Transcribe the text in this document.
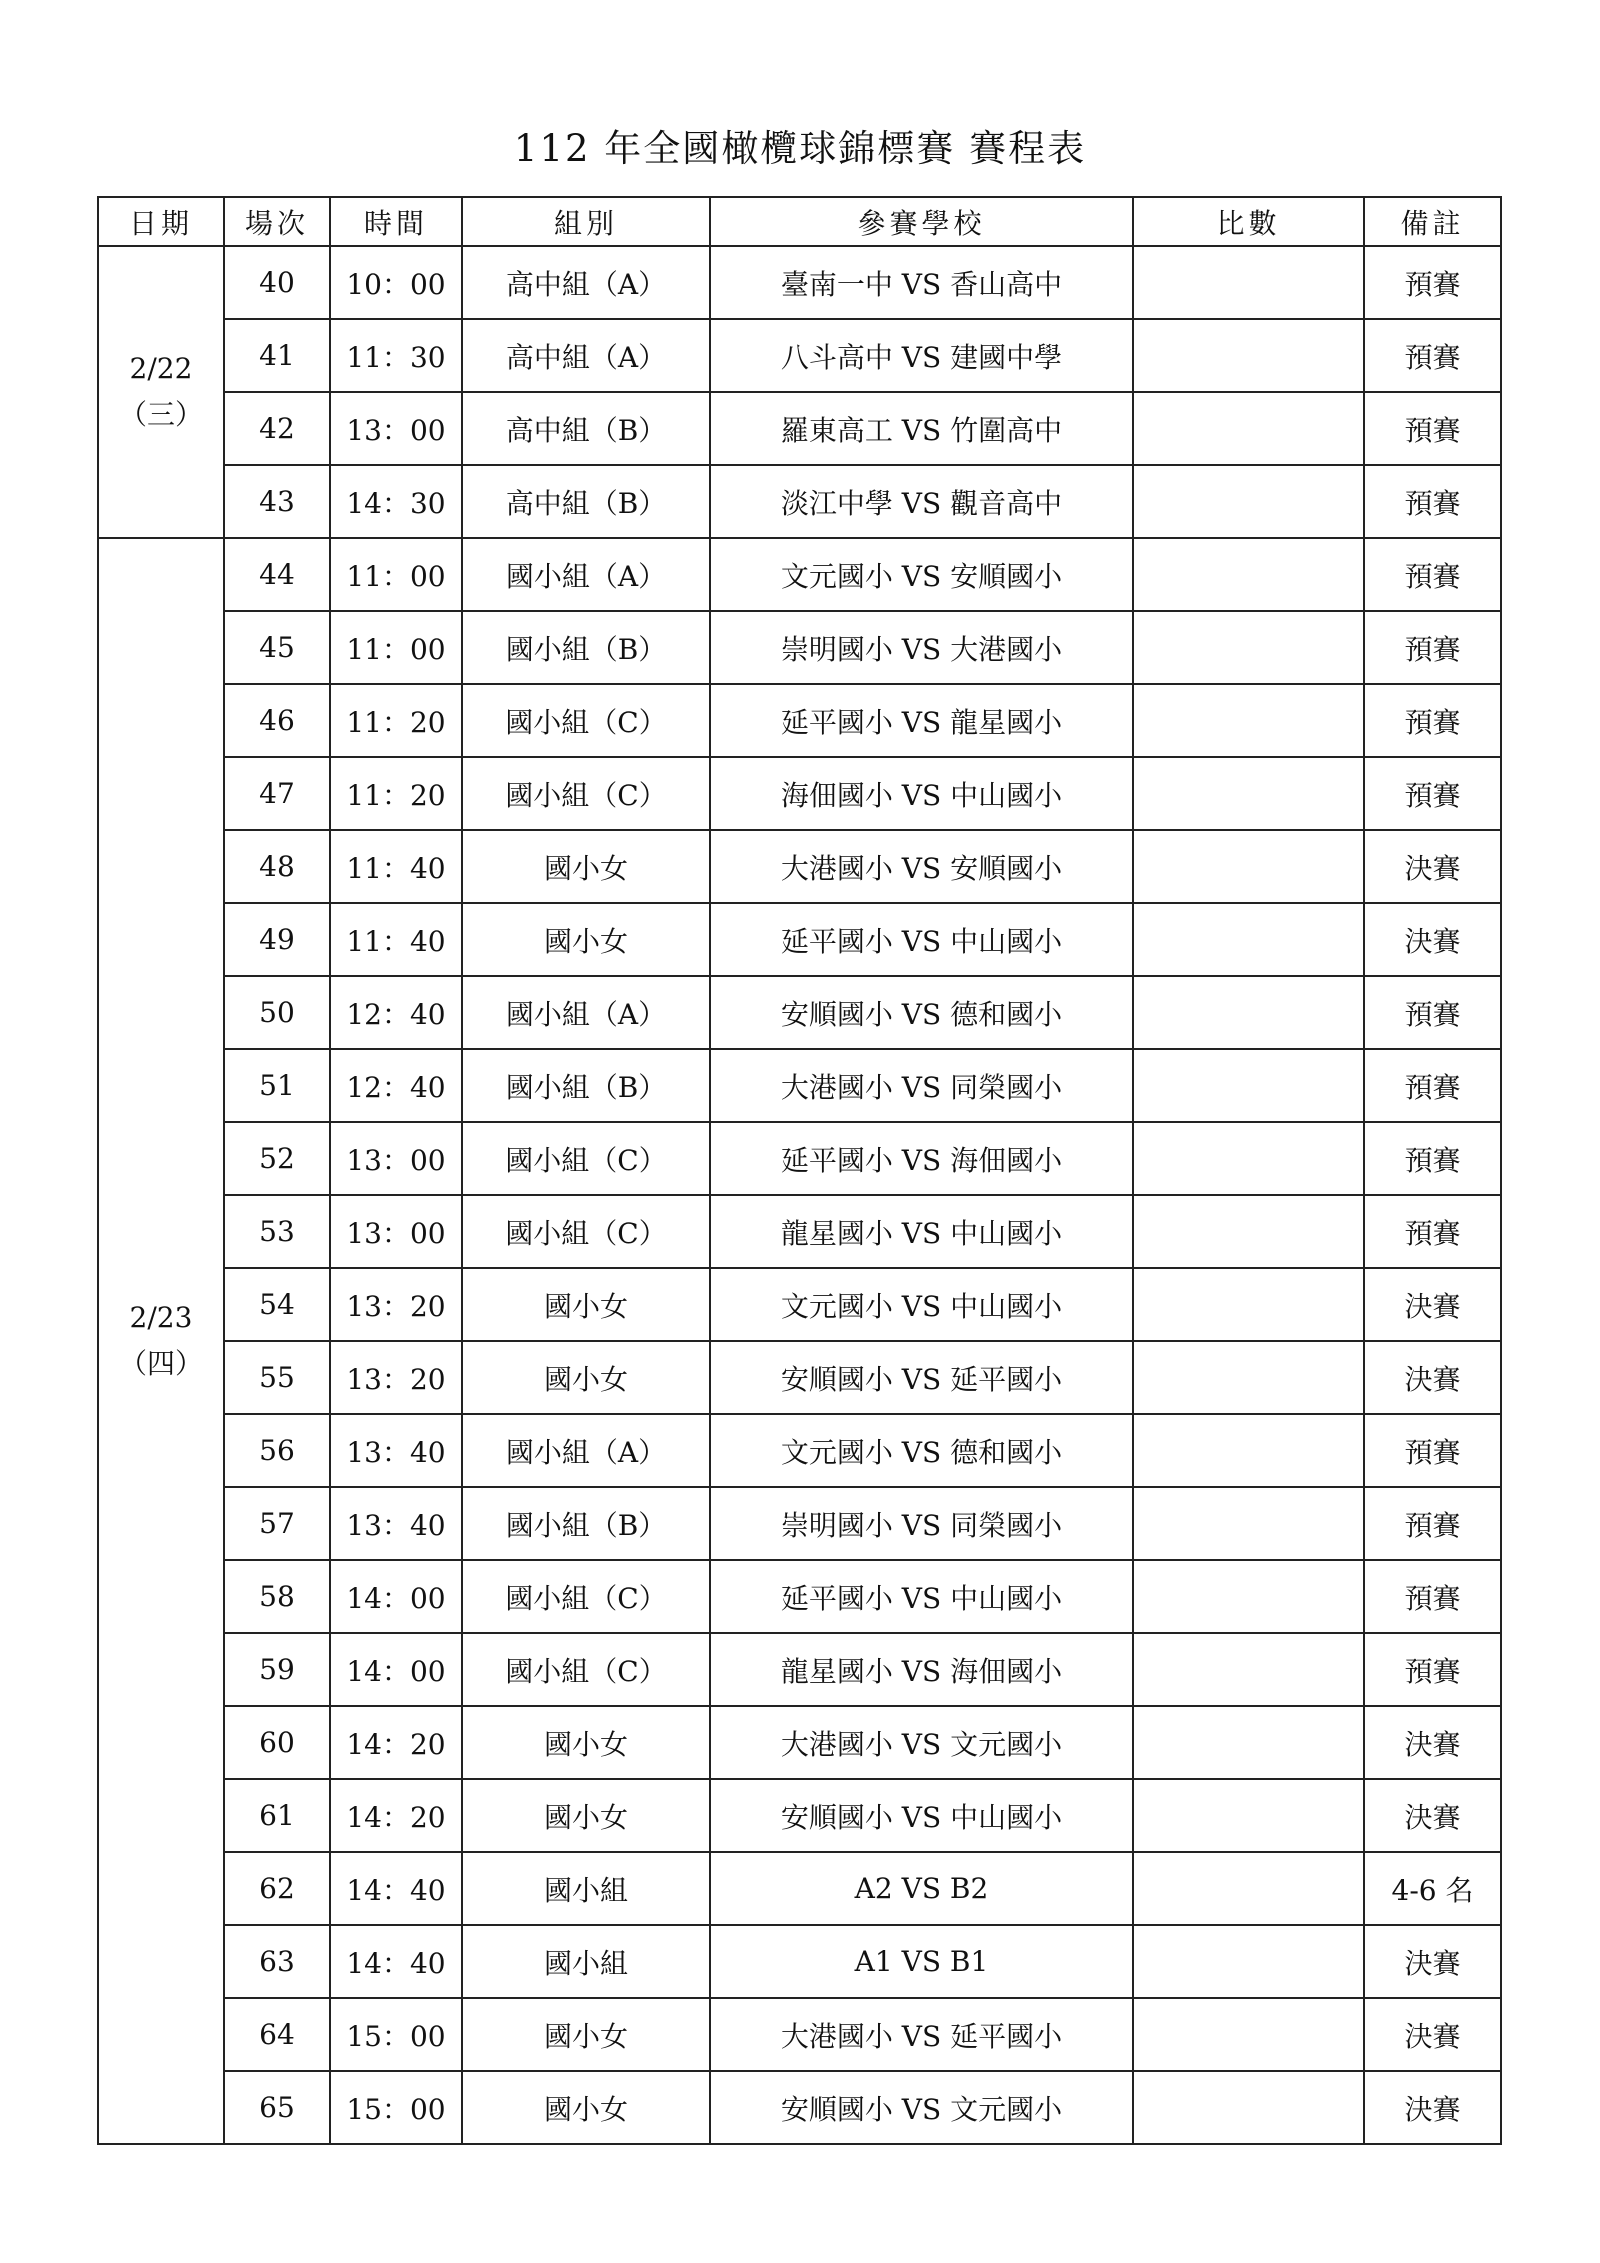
112 年全國橄欖球錦標賽 賽程表
日期	場次	時間	組別	參賽學校	比數	備註

2/22
（三）	40	10：00	高中組（A）	臺南一中 VS 香山高中		預賽
	41	11：30	高中組（A）	八斗高中 VS 建國中學		預賽
	42	13：00	高中組（B）	羅東高工 VS 竹圍高中		預賽
	43	14：30	高中組（B）	淡江中學 VS 觀音高中		預賽

2/23
（四）	44	11：00	國小組（A）	文元國小 VS 安順國小		預賽
	45	11：00	國小組（B）	崇明國小 VS 大港國小		預賽
	46	11：20	國小組（C）	延平國小 VS 龍星國小		預賽
	47	11：20	國小組（C）	海佃國小 VS 中山國小		預賽
	48	11：40	國小女	大港國小 VS 安順國小		決賽
	49	11：40	國小女	延平國小 VS 中山國小		決賽
	50	12：40	國小組（A）	安順國小 VS 德和國小		預賽
	51	12：40	國小組（B）	大港國小 VS 同榮國小		預賽
	52	13：00	國小組（C）	延平國小 VS 海佃國小		預賽
	53	13：00	國小組（C）	龍星國小 VS 中山國小		預賽
	54	13：20	國小女	文元國小 VS 中山國小		決賽
	55	13：20	國小女	安順國小 VS 延平國小		決賽
	56	13：40	國小組（A）	文元國小 VS 德和國小		預賽
	57	13：40	國小組（B）	崇明國小 VS 同榮國小		預賽
	58	14：00	國小組（C）	延平國小 VS 中山國小		預賽
	59	14：00	國小組（C）	龍星國小 VS 海佃國小		預賽
	60	14：20	國小女	大港國小 VS 文元國小		決賽
	61	14：20	國小女	安順國小 VS 中山國小		決賽
	62	14：40	國小組	A2 VS B2		4-6 名
	63	14：40	國小組	A1 VS B1		決賽
	64	15：00	國小女	大港國小 VS 延平國小		決賽
	65	15：00	國小女	安順國小 VS 文元國小		決賽
